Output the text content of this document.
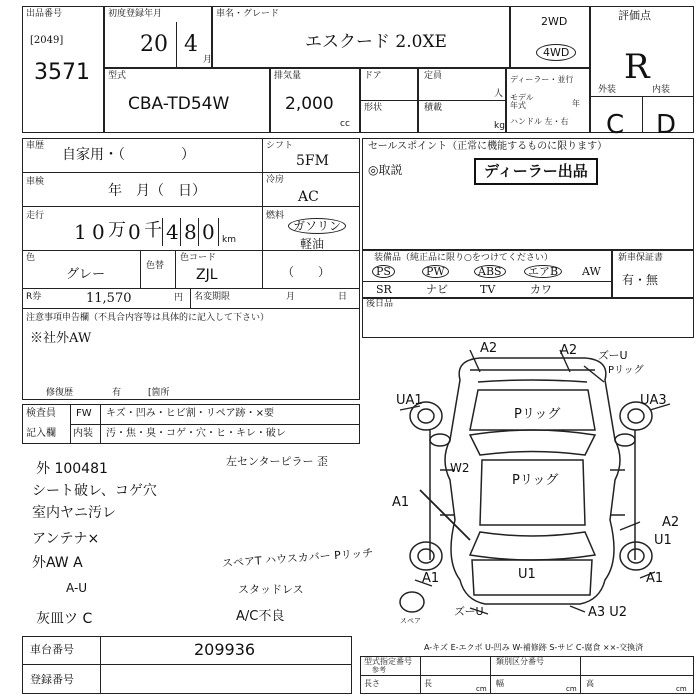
出品番号
[2049]
3571
初度登録年月
20 4
月
車名・グレード
エスクード 2.0XE
2WD
4WD
評価点
R
外装	内装
C D
型式
CBA-TD54W
排気量
2,000
cc
ドア
形状
定員
人
積載
kg
ディーラー・並行
モデル年式	年
ハンドル 左・右
車歴
自家用・（　　　　）
シフト
5FM
車検
年　月（　日）
冷房
AC
走行
1 0 万 0 千 4 8 0 km
燃料
ガソリン
軽油
色
グレー
色替
色コード
ZJL	（　　）
R券	11,570	円 名変期限	月	日
注意事項申告欄（不具合内容等は具体的に記入して下さい）
※社外AW
修復歴	有	[箇所
セールスポイント（正常に機能するものに限ります）
◎取説	ディーラー出品
装備品（純正品に限り○をつけてください）
PS	PW	ABS	エアB	AW
SR	ナビ	TV	カワ
新車保証書
有・無
後日品
検査員
記入欄
FW キズ・凹み・ヒビ割・リペア跡・×要
内装 汚・焦・臭・コゲ・穴・ヒ・キレ・破レ
外 100481
シート破レ、コゲ穴
室内ヤニ汚レ
アンテナ×
外AW A
A-U
灰皿ツ C
左センターピラー 歪
スペアT ハウスカバー Pリッチ
スタッドレス
A/C不良
A2	A2 ズーU
Pリッグ
UA1
Pリッグ
UA3
W2
Pリッグ
A1
A2
U1
U1	A1
A1
スペア
ズーU	A3 U2
A-キズ E-エクボ U-凹み W-補修跡 S-サビ C-腐食 ××-交換済
車台番号	209936
登録番号
型式指定番号	類別区分番号
参考
長さ	長
cm
幅
cm
高
cm
